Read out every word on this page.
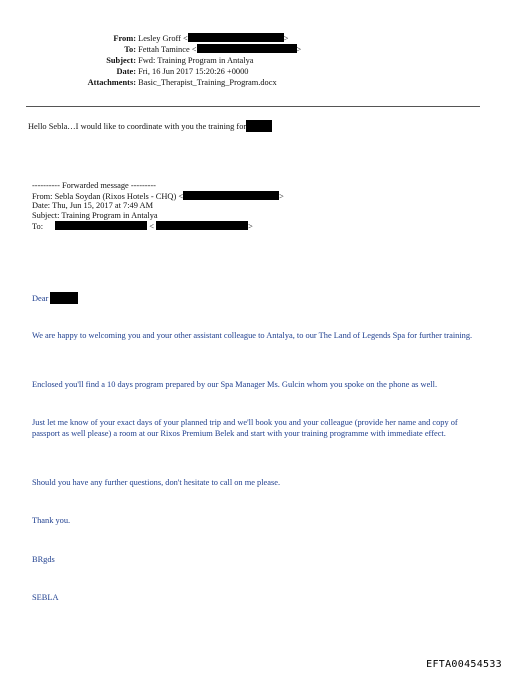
From: Lesley Groff <	>
To: Fettah Tamince <	>
Subject: Fwd: Training Program in Antalya
Date: Fri, 16 Jun 2017 15:20:26 +0000
Attachments: Basic_Therapist_Training_Program.docx
Hello Sebla…I would like to coordinate with you the training for
---------- Forwarded message ---------
From: Sebla Soydan (Rixos Hotels - CHQ) <	>
Date: Thu, Jun 15, 2017 at 7:49 AM
Subject: Training Program in Antalya
To:	<	>
Dear
We are happy to welcoming you and your other assistant colleague to Antalya, to our The Land of Legends Spa for further training.
Enclosed you'll find a 10 days program prepared by our Spa Manager Ms. Gulcin whom you spoke on the phone as well.
Just let me know of your exact days of your planned trip and we'll book you and your colleague (provide her name and copy of passport as well please) a room at our Rixos Premium Belek and start with your training programme with immediate effect.
Should you have any further questions, don't hesitate to call on me please.
Thank you.
BRgds
SEBLA
EFTA00454533
